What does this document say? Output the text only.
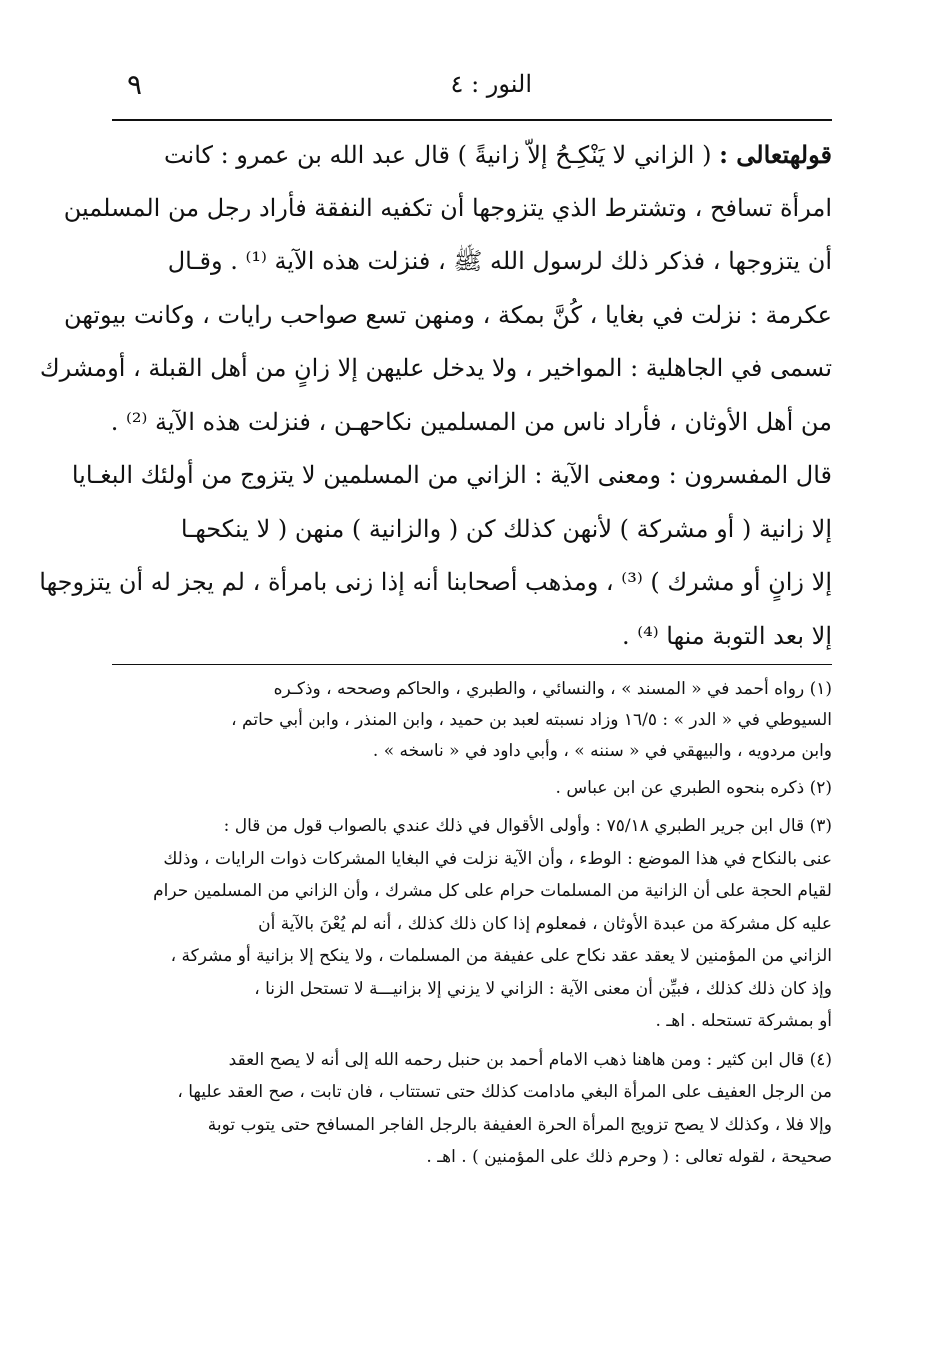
النور : ٤
٩

قولهتعالى : ( الزاني لا يَنْكِـحُ إلاّ زانيةً ) قال عبد الله بن عمرو : كانت

امرأة تسافح ، وتشترط الذي يتزوجها أن تكفيه النفقة فأراد رجل من المسلمين

أن يتزوجها ، فذكر ذلك لرسول الله ﷺ ، فنزلت هذه الآية ⁽¹⁾ . وقـال

عكرمة : نزلت في بغايا ، كُنَّ بمكة ، ومنهن تسع صواحب رايات ، وكانت بيوتهن

تسمى في الجاهلية : المواخير ، ولا يدخل عليهن إلا زانٍ من أهل القبلة ، أومشرك

من أهل الأوثان ، فأراد ناس من المسلمين نكاحهـن ، فنزلت هذه الآية ⁽²⁾ .

قال المفسرون : ومعنى الآية : الزاني من المسلمين لا يتزوج من أولئك البغـايا

إلا زانية ( أو مشركة ) لأنهن كذلك كن ( والزانية ) منهن ( لا ينكحهـا

إلا زانٍ أو مشرك ) ⁽³⁾ ، ومذهب أصحابنا أنه إذا زنى بامرأة ، لم يجز له أن يتزوجها

إلا بعد التوبة منها ⁽⁴⁾ .

(١) رواه أحمد في « المسند » ، والنسائي ، والطبري ، والحاكم وصححه ، وذكـره

السيوطي في « الدر » : ١٦/٥ وزاد نسبته لعبد بن حميد ، وابن المنذر ، وابن أبي حاتم ،

وابن مردويه ، والبيهقي في « سننه » ، وأبي داود في « ناسخه » .

(٢) ذكره بنحوه الطبري عن ابن عباس .

(٣) قال ابن جرير الطبري ٧٥/١٨ : وأولى الأقوال في ذلك عندي بالصواب قول من قال :

عنى بالنكاح في هذا الموضع : الوطء ، وأن الآية نزلت في البغايا المشركات ذوات الرايات ، وذلك

لقيام الحجة على أن الزانية من المسلمات حرام على كل مشرك ، وأن الزاني من المسلمين حرام

عليه كل مشركة من عبدة الأوثان ، فمعلوم إذا كان ذلك كذلك ، أنه لم يُعْنَ بالآية أن

الزاني من المؤمنين لا يعقد عقد نكاح على عفيفة من المسلمات ، ولا ينكح إلا بزانية أو مشركة ،

وإذ كان ذلك كذلك ، فبيِّن أن معنى الآية : الزاني لا يزني إلا بزانيـــة لا تستحل الزنا ،

أو بمشركة تستحله . اهـ .

(٤) قال ابن كثير : ومن هاهنا ذهب الامام أحمد بن حنبل رحمه الله إلى أنه لا يصح العقد

من الرجل العفيف على المرأة البغي مادامت كذلك حتى تستتاب ، فان تابت ، صح العقد عليها ،

وإلا فلا ، وكذلك لا يصح تزويج المرأة الحرة العفيفة بالرجل الفاجر المسافح حتى يتوب توبة

صحيحة ، لقوله تعالى : ( وحرم ذلك على المؤمنين ) . اهـ .
